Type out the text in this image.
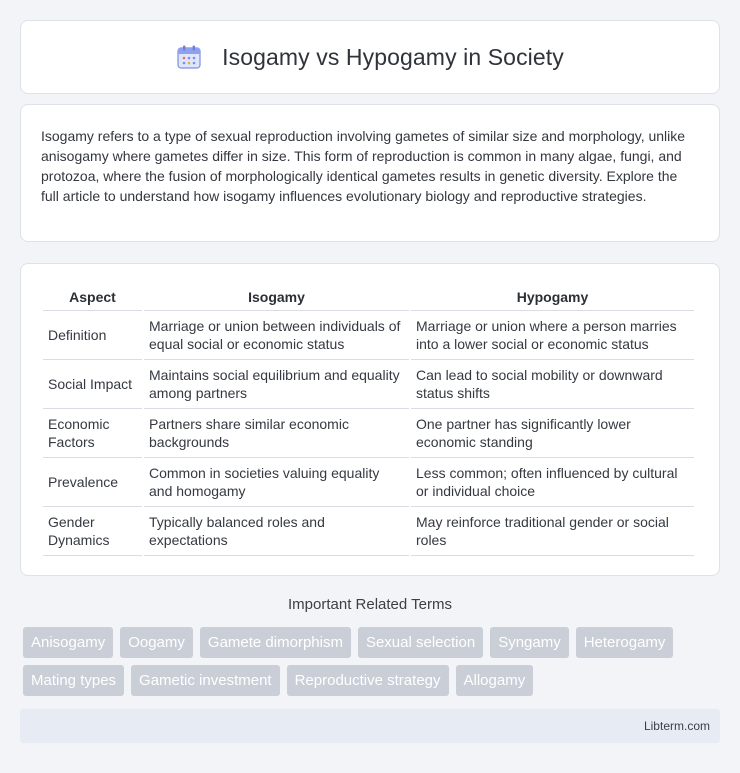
Isogamy vs Hypogamy in Society

Isogamy refers to a type of sexual reproduction involving gametes of similar size and morphology, unlike anisogamy where gametes differ in size. This form of reproduction is common in many algae, fungi, and protozoa, where the fusion of morphologically identical gametes results in genetic diversity. Explore the full article to understand how isogamy influences evolutionary biology and reproductive strategies.

Aspect	Isogamy	Hypogamy
Definition	Marriage or union between individuals of equal social or economic status	Marriage or union where a person marries into a lower social or economic status
Social Impact	Maintains social equilibrium and equality among partners	Can lead to social mobility or downward status shifts
Economic Factors	Partners share similar economic backgrounds	One partner has significantly lower economic standing
Prevalence	Common in societies valuing equality and homogamy	Less common; often influenced by cultural or individual choice
Gender Dynamics	Typically balanced roles and expectations	May reinforce traditional gender or social roles
Important Related Terms
Anisogamy	Oogamy	Gamete dimorphism	Sexual selection	Syngamy	Heterogamy
Mating types	Gametic investment	Reproductive strategy	Allogamy
Libterm.com
